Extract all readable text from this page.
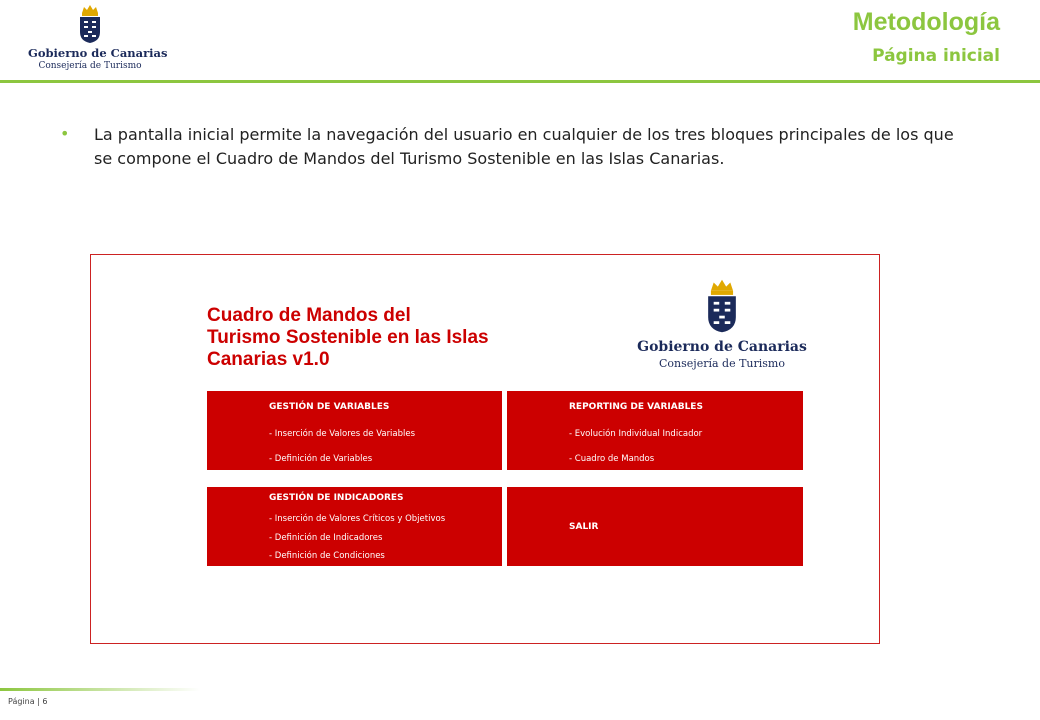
Gobierno de Canarias
Consejería de Turismo
Metodología
Página inicial
• La pantalla inicial permite la navegación del usuario en cualquier de los tres bloques principales de los que se compone el Cuadro de Mandos del Turismo Sostenible en las Islas Canarias.
Cuadro de Mandos del
Turismo Sostenible en las Islas
Canarias v1.0
Gobierno de Canarias
Consejería de Turismo
GESTIÓN DE VARIABLES
- Inserción de Valores de Variables
- Definición de Variables
REPORTING DE VARIABLES
- Evolución Individual Indicador
- Cuadro de Mandos
GESTIÓN DE INDICADORES
- Inserción de Valores Críticos y Objetivos
- Definición de Indicadores
- Definición de Condiciones
SALIR
Página | 6
